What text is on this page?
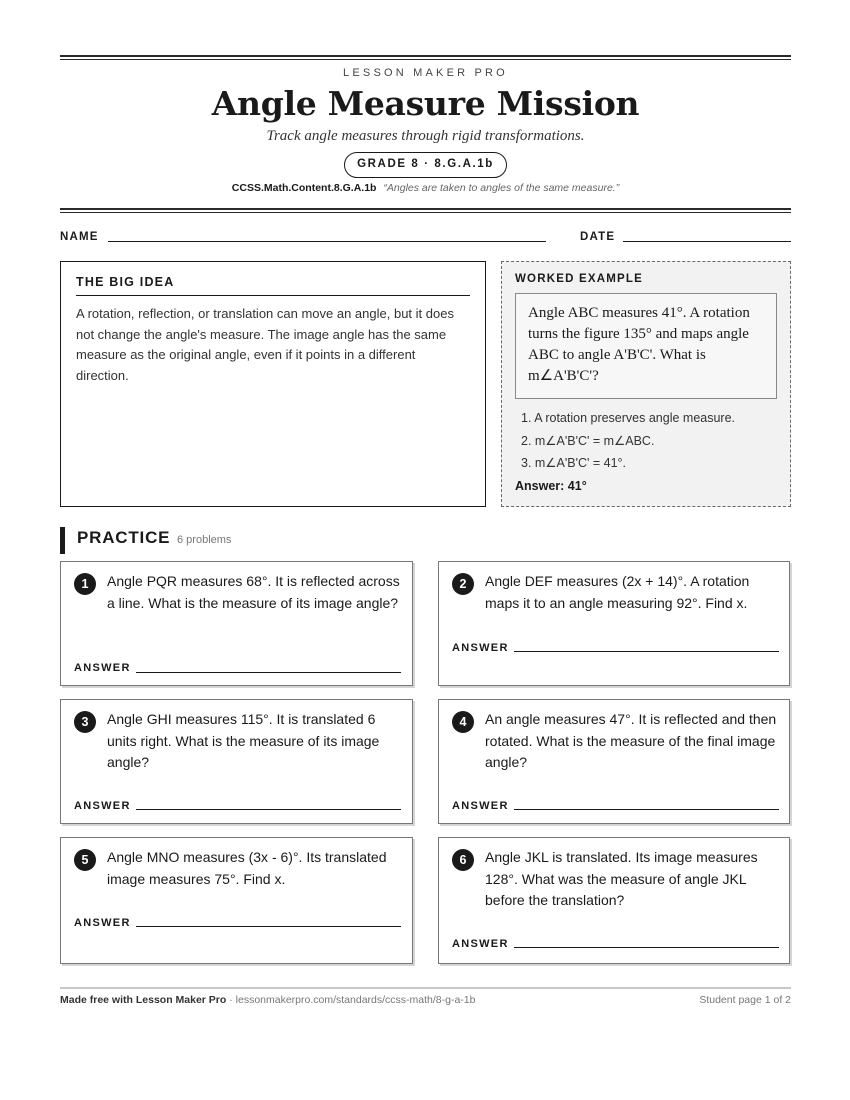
LESSON MAKER PRO
Angle Measure Mission
Track angle measures through rigid transformations.
GRADE 8 · 8.G.A.1b
CCSS.Math.Content.8.G.A.1b “Angles are taken to angles of the same measure.”
NAME	DATE
THE BIG IDEA
A rotation, reflection, or translation can move an angle, but it does not change the angle's measure. The image angle has the same measure as the original angle, even if it points in a different direction.
WORKED EXAMPLE
Angle ABC measures 41°. A rotation turns the figure 135° and maps angle ABC to angle A'B'C'. What is m∠A'B'C'?
1. A rotation preserves angle measure.
2. m∠A'B'C' = m∠ABC.
3. m∠A'B'C' = 41°.
Answer: 41°
PRACTICE 6 problems
1	Angle PQR measures 68°. It is reflected across a line. What is the measure of its image angle?
ANSWER
2	Angle DEF measures (2x + 14)°. A rotation maps it to an angle measuring 92°. Find x.
ANSWER
3	Angle GHI measures 115°. It is translated 6 units right. What is the measure of its image angle?
ANSWER
4	An angle measures 47°. It is reflected and then rotated. What is the measure of the final image angle?
ANSWER
5	Angle MNO measures (3x - 6)°. Its translated image measures 75°. Find x.
ANSWER
6	Angle JKL is translated. Its image measures 128°. What was the measure of angle JKL before the translation?
ANSWER
Made free with Lesson Maker Pro · lessonmakerpro.com/standards/ccss-math/8-g-a-1b	Student page 1 of 2
